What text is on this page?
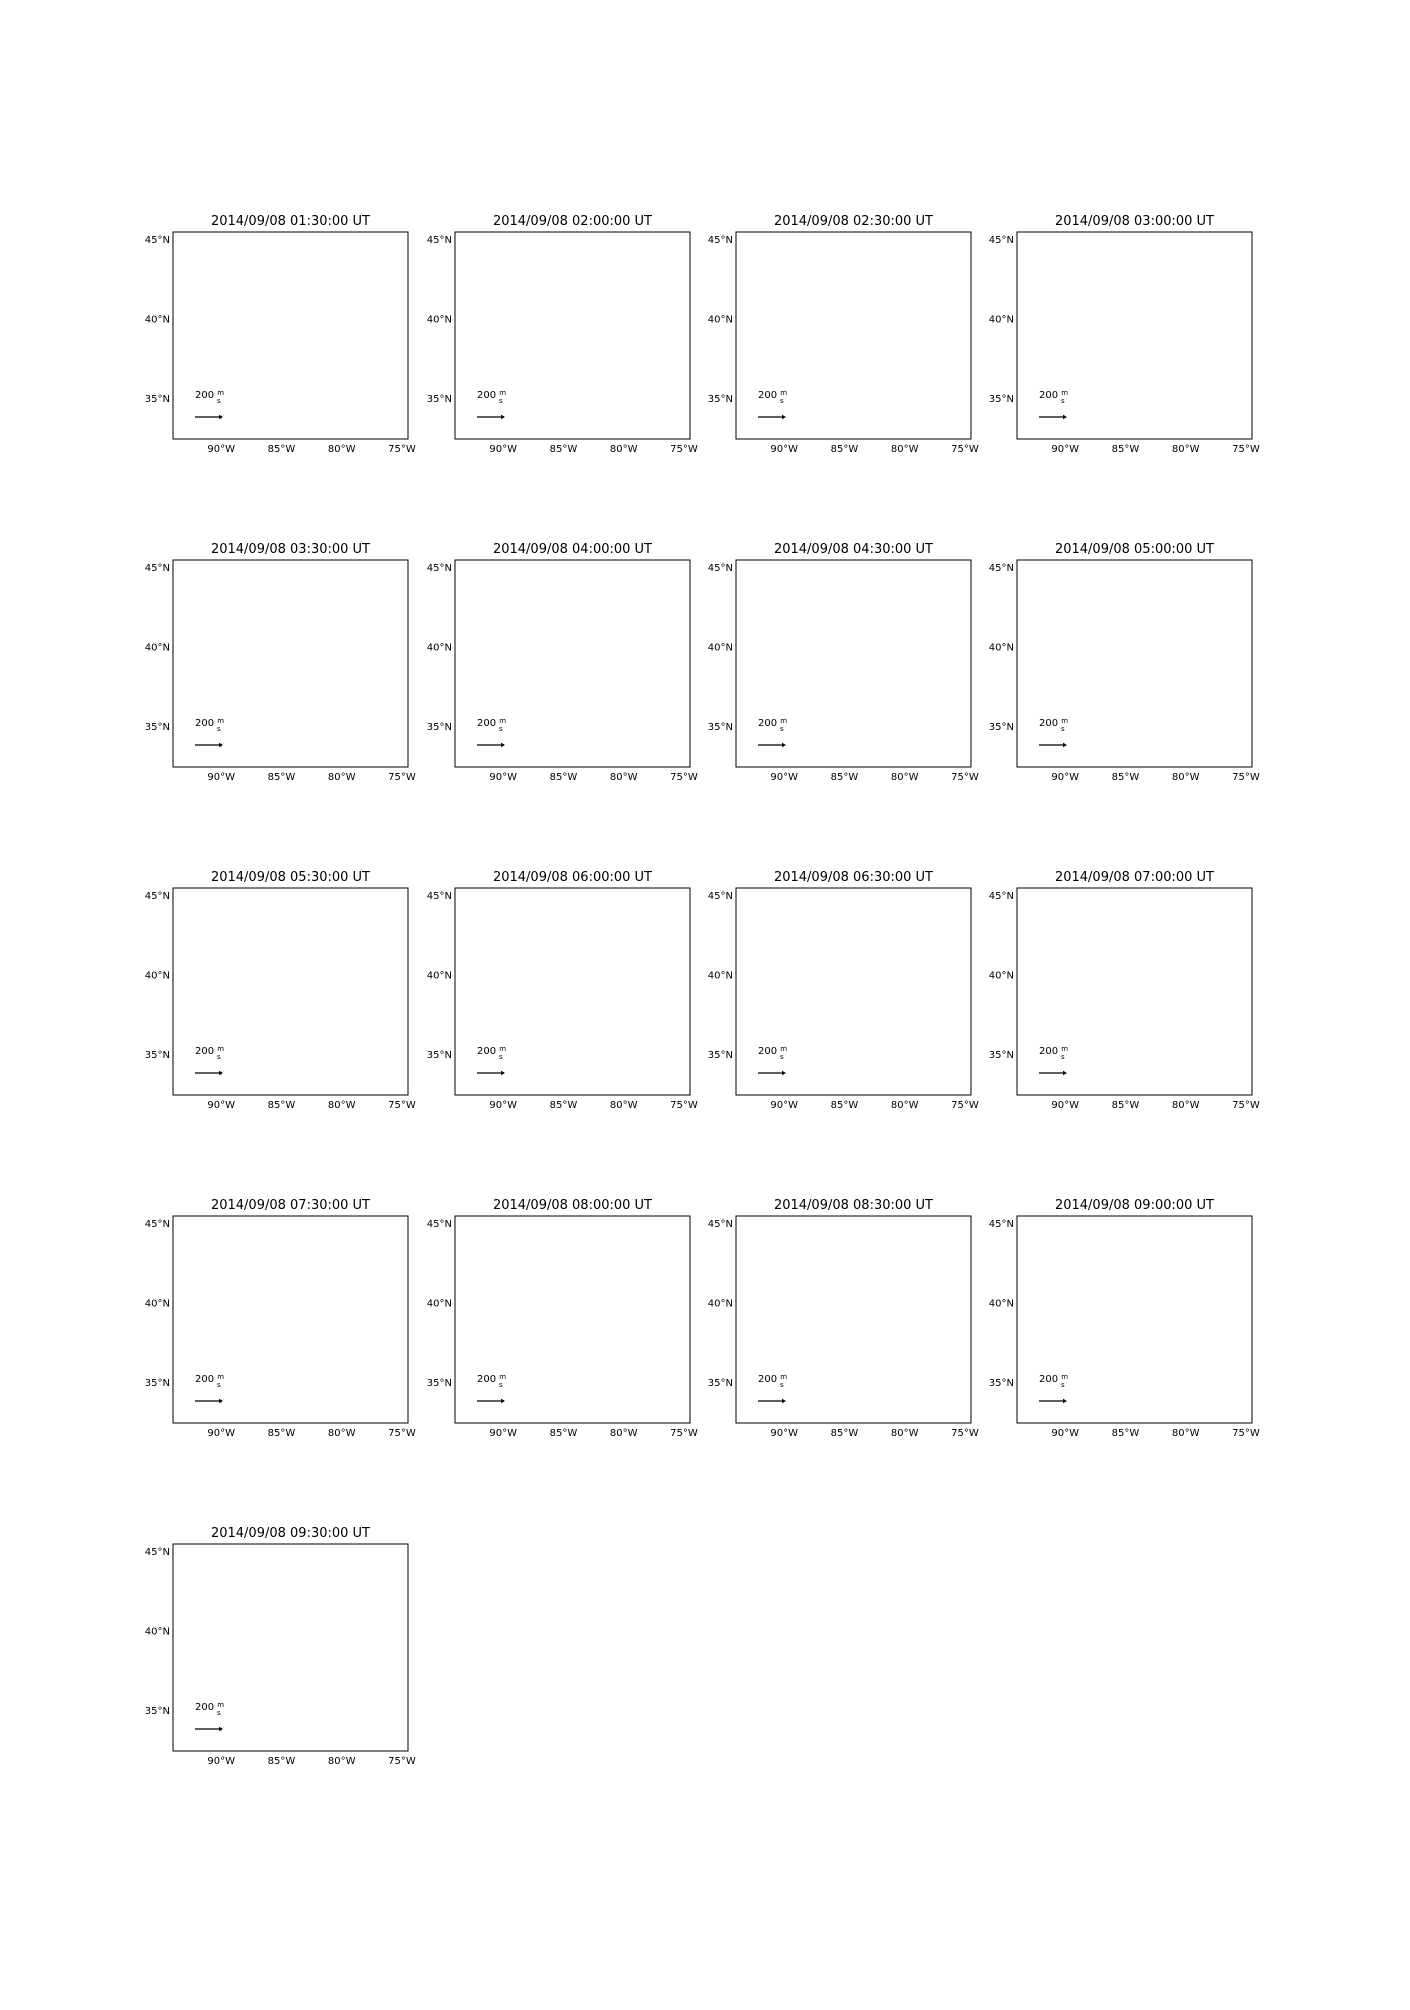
2014/09/08 01:30:00 UT
200 $^m$
s
45°N
40°N
35°N
90°W	85°W	80°W	75°W
2014/09/08 02:00:00 UT
200 $^m$
s
45°N
40°N
35°N
90°W	85°W	80°W	75°W
2014/09/08 02:30:00 UT
200 $^m$
s
45°N
40°N
35°N
90°W	85°W	80°W	75°W
2014/09/08 03:00:00 UT
200 $^m$
s
45°N
40°N
35°N
90°W	85°W	80°W	75°W
2014/09/08 03:30:00 UT
200 $^m$
s
45°N
40°N
35°N
90°W	85°W	80°W	75°W
2014/09/08 04:00:00 UT
200 $^m$
s
45°N
40°N
35°N
90°W	85°W	80°W	75°W
2014/09/08 04:30:00 UT
200 $^m$
s
45°N
40°N
35°N
90°W	85°W	80°W	75°W
2014/09/08 05:00:00 UT
200 $^m$
s
45°N
40°N
35°N
90°W	85°W	80°W	75°W
2014/09/08 05:30:00 UT
200 $^m$
s
45°N
40°N
35°N
90°W	85°W	80°W	75°W
2014/09/08 06:00:00 UT
200 $^m$
s
45°N
40°N
35°N
90°W	85°W	80°W	75°W
2014/09/08 06:30:00 UT
200 $^m$
s
45°N
40°N
35°N
90°W	85°W	80°W	75°W
2014/09/08 07:00:00 UT
200 $^m$
s
45°N
40°N
35°N
90°W	85°W	80°W	75°W
2014/09/08 07:30:00 UT
200 $^m$
s
45°N
40°N
35°N
90°W	85°W	80°W	75°W
2014/09/08 08:00:00 UT
200 $^m$
s
45°N
40°N
35°N
90°W	85°W	80°W	75°W
2014/09/08 08:30:00 UT
200 $^m$
s
45°N
40°N
35°N
90°W	85°W	80°W	75°W
2014/09/08 09:00:00 UT
200 $^m$
s
45°N
40°N
35°N
90°W	85°W	80°W	75°W
2014/09/08 09:30:00 UT
200 $^m$
s
45°N
40°N
35°N
90°W	85°W	80°W	75°W
